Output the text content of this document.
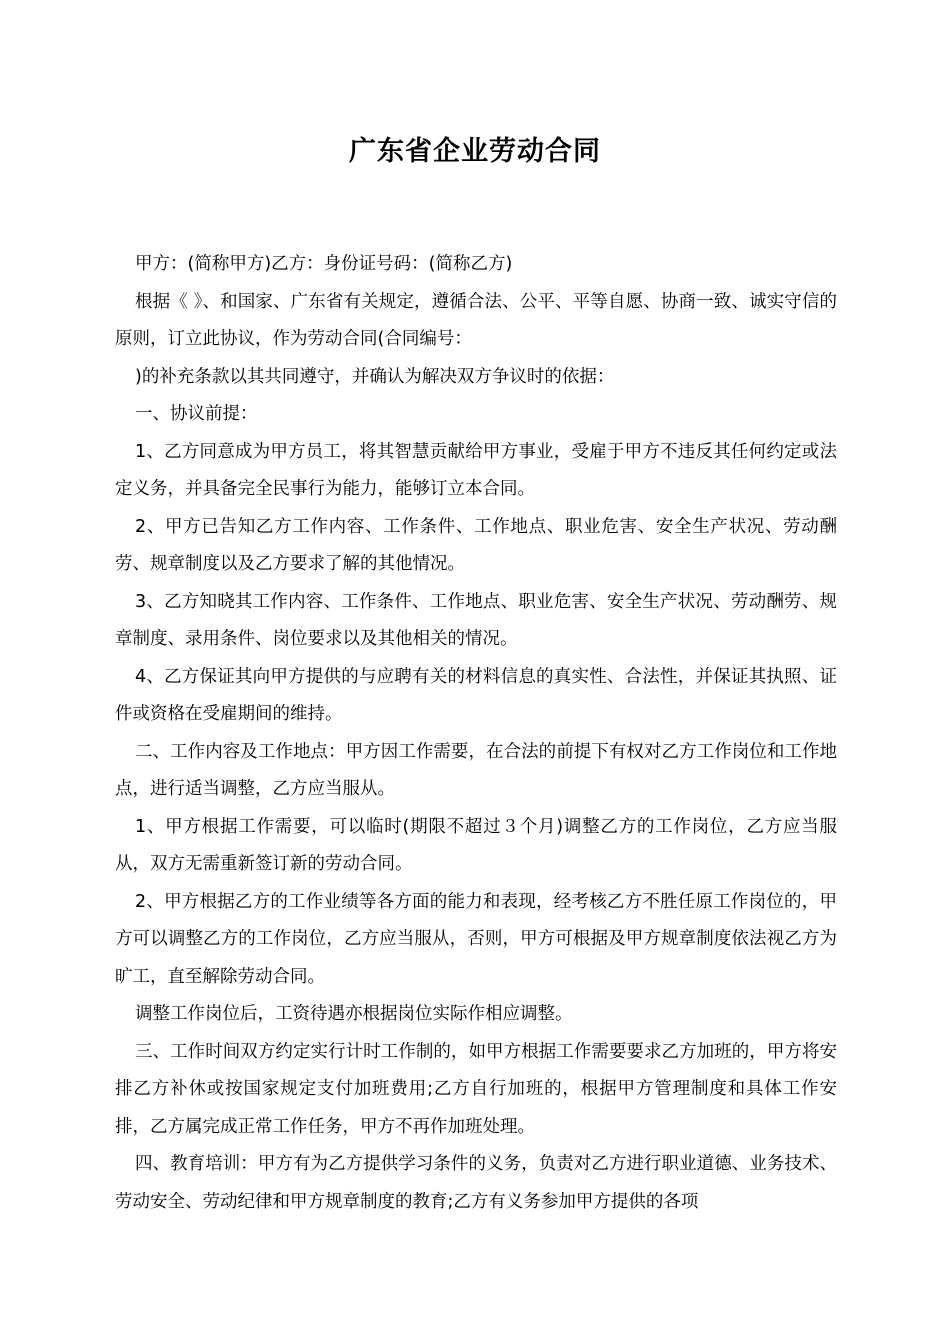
广东省企业劳动合同

甲方：(简称甲方)乙方：身份证号码：(简称乙方)

根据《 》、和国家、广东省有关规定，遵循合法、公平、平等自愿、协商一致、诚实守信的原则，订立此协议，作为劳动合同(合同编号：

)的补充条款以其共同遵守，并确认为解决双方争议时的依据：

一、协议前提：

1、乙方同意成为甲方员工，将其智慧贡献给甲方事业，受雇于甲方不违反其任何约定或法定义务，并具备完全民事行为能力，能够订立本合同。

2、甲方已告知乙方工作内容、工作条件、工作地点、职业危害、安全生产状况、劳动酬劳、规章制度以及乙方要求了解的其他情况。

3、乙方知晓其工作内容、工作条件、工作地点、职业危害、安全生产状况、劳动酬劳、规章制度、录用条件、岗位要求以及其他相关的情况。

4、乙方保证其向甲方提供的与应聘有关的材料信息的真实性、合法性，并保证其执照、证件或资格在受雇期间的维持。

二、工作内容及工作地点：甲方因工作需要，在合法的前提下有权对乙方工作岗位和工作地点，进行适当调整，乙方应当服从。

1、甲方根据工作需要，可以临时(期限不超过３个月)调整乙方的工作岗位，乙方应当服从，双方无需重新签订新的劳动合同。

2、甲方根据乙方的工作业绩等各方面的能力和表现，经考核乙方不胜任原工作岗位的，甲方可以调整乙方的工作岗位，乙方应当服从，否则，甲方可根据及甲方规章制度依法视乙方为旷工，直至解除劳动合同。

调整工作岗位后，工资待遇亦根据岗位实际作相应调整。

三、工作时间双方约定实行计时工作制的，如甲方根据工作需要要求乙方加班的，甲方将安排乙方补休或按国家规定支付加班费用;乙方自行加班的，根据甲方管理制度和具体工作安排，乙方属完成正常工作任务，甲方不再作加班处理。

四、教育培训：甲方有为乙方提供学习条件的义务，负责对乙方进行职业道德、业务技术、劳动安全、劳动纪律和甲方规章制度的教育;乙方有义务参加甲方提供的各项
